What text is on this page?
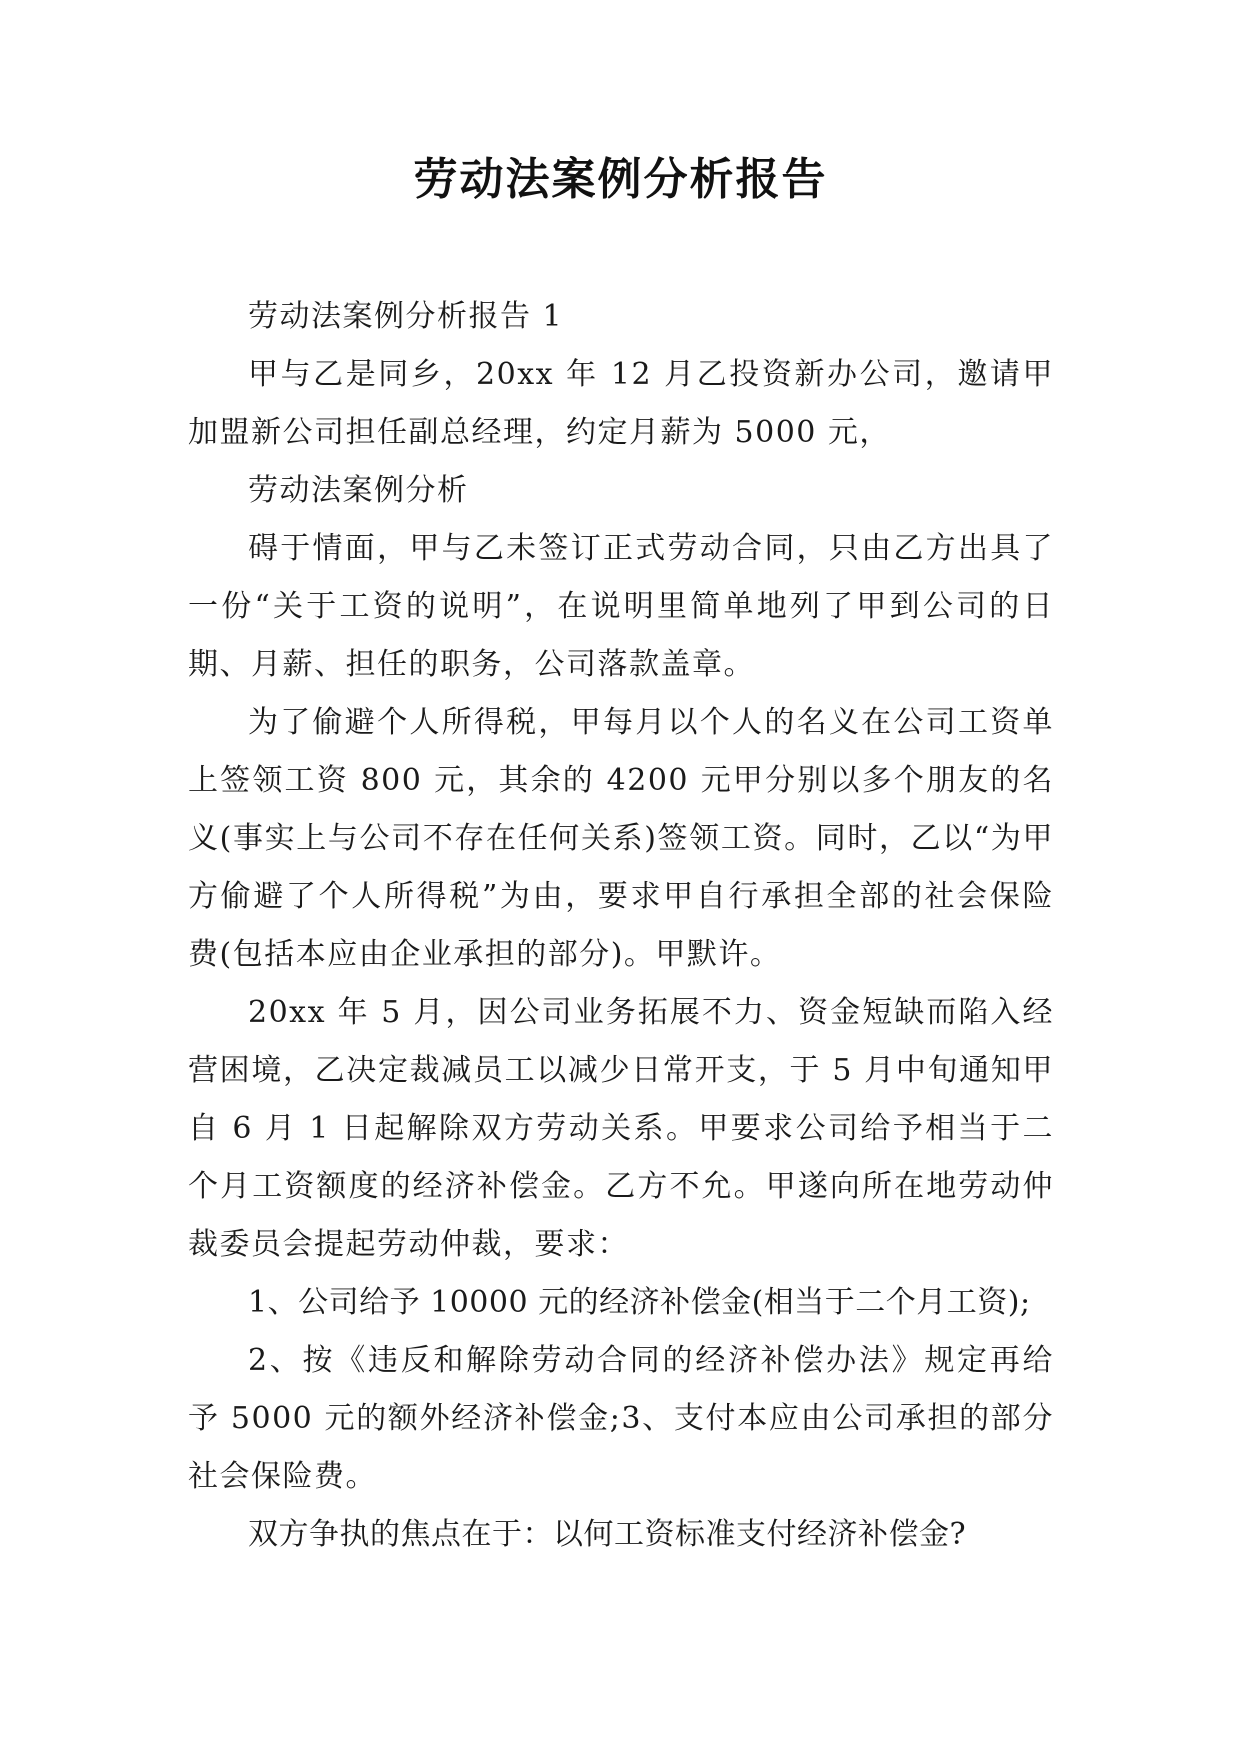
劳动法案例分析报告

劳动法案例分析报告 1

甲与乙是同乡，20xx 年 12 月乙投资新办公司，邀请甲加盟新公司担任副总经理，约定月薪为 5000 元，

劳动法案例分析

碍于情面，甲与乙未签订正式劳动合同，只由乙方出具了一份“关于工资的说明”，在说明里简单地列了甲到公司的日期、月薪、担任的职务，公司落款盖章。

为了偷避个人所得税，甲每月以个人的名义在公司工资单上签领工资 800 元，其余的 4200 元甲分别以多个朋友的名义(事实上与公司不存在任何关系)签领工资。同时，乙以“为甲方偷避了个人所得税”为由，要求甲自行承担全部的社会保险费(包括本应由企业承担的部分)。甲默许。

20xx 年 5 月，因公司业务拓展不力、资金短缺而陷入经营困境，乙决定裁减员工以减少日常开支，于 5 月中旬通知甲自 6 月 1 日起解除双方劳动关系。甲要求公司给予相当于二个月工资额度的经济补偿金。乙方不允。甲遂向所在地劳动仲裁委员会提起劳动仲裁，要求：

1、公司给予 10000 元的经济补偿金(相当于二个月工资);

2、按《违反和解除劳动合同的经济补偿办法》规定再给予 5000 元的额外经济补偿金;3、支付本应由公司承担的部分社会保险费。

双方争执的焦点在于：以何工资标准支付经济补偿金?
